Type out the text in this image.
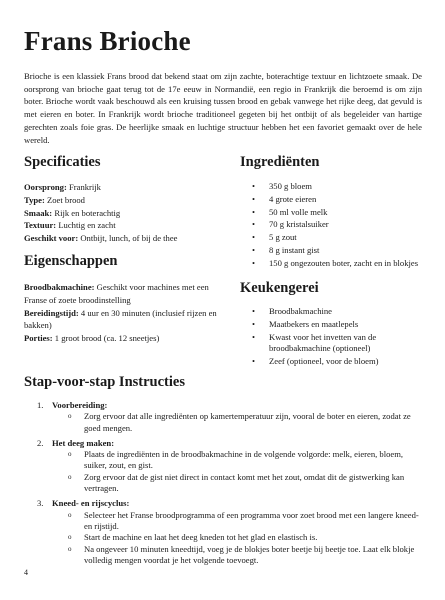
Frans Brioche

Brioche is een klassiek Frans brood dat bekend staat om zijn zachte, boterachtige textuur en lichtzoete smaak. De oorsprong van brioche gaat terug tot de 17e eeuw in Normandië, een regio in Frankrijk die beroemd is om zijn boter. Brioche wordt vaak beschouwd als een kruising tussen brood en gebak vanwege het rijke deeg, dat gevuld is met eieren en boter. In Frankrijk wordt brioche traditioneel gegeten bij het ontbijt of als begeleider van hartige gerechten zoals foie gras. De heerlijke smaak en luchtige structuur hebben het een favoriet gemaakt over de hele wereld.

Specificaties
Oorsprong: Frankrijk
Type: Zoet brood
Smaak: Rijk en boterachtig
Textuur: Luchtig en zacht
Geschikt voor: Ontbijt, lunch, of bij de thee
Eigenschappen
Broodbakmachine: Geschikt voor machines met een Franse of zoete broodinstelling
Bereidingstijd: 4 uur en 30 minuten (inclusief rijzen en bakken)
Porties: 1 groot brood (ca. 12 sneetjes)
Ingrediënten
• 350 g bloem
• 4 grote eieren
• 50 ml volle melk
• 70 g kristalsuiker
• 5 g zout
• 8 g instant gist
• 150 g ongezouten boter, zacht en in blokjes
Keukengerei
• Broodbakmachine
• Maatbekers en maatlepels
• Kwast voor het invetten van de broodbakmachine (optioneel)
• Zeef (optioneel, voor de bloem)
Stap-voor-stap Instructies
1. Voorbereiding:
o Zorg ervoor dat alle ingrediënten op kamertemperatuur zijn, vooral de boter en eieren, zodat ze goed mengen.
2. Het deeg maken:
o Plaats de ingrediënten in de broodbakmachine in de volgende volgorde: melk, eieren, bloem, suiker, zout, en gist.
o Zorg ervoor dat de gist niet direct in contact komt met het zout, omdat dit de gistwerking kan vertragen.
3. Kneed- en rijscyclus:
o Selecteer het Franse broodprogramma of een programma voor zoet brood met een langere kneed- en rijstijd.
o Start de machine en laat het deeg kneden tot het glad en elastisch is.
o Na ongeveer 10 minuten kneedtijd, voeg je de blokjes boter beetje bij beetje toe. Laat elk blokje volledig mengen voordat je het volgende toevoegt.
4
